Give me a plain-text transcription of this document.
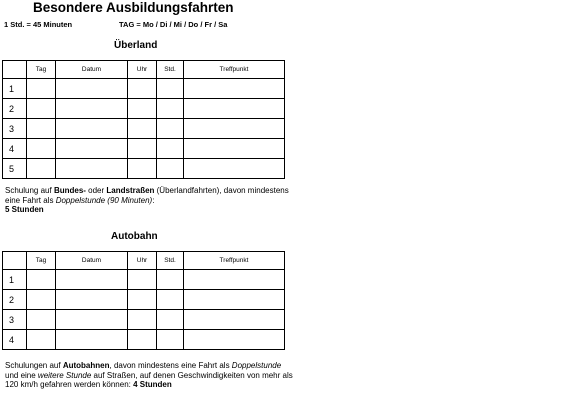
Besondere Ausbildungsfahrten
1 Std. = 45 Minuten	TAG = Mo / Di / Mi / Do / Fr / Sa
Überland
	Tag	Datum	Uhr	Std.	Treffpunkt
1					
2					
3					
4					
5					
Schulung auf Bundes- oder Landstraßen (Überlandfahrten), davon mindestens eine Fahrt als Doppelstunde (90 Minuten):
5 Stunden
Autobahn
	Tag	Datum	Uhr	Std.	Treffpunkt
1					
2					
3					
4					
Schulungen auf Autobahnen, davon mindestens eine Fahrt als Doppelstunde und eine weitere Stunde auf Straßen, auf denen Geschwindigkeiten von mehr als 120 km/h gefahren werden können: 4 Stunden
